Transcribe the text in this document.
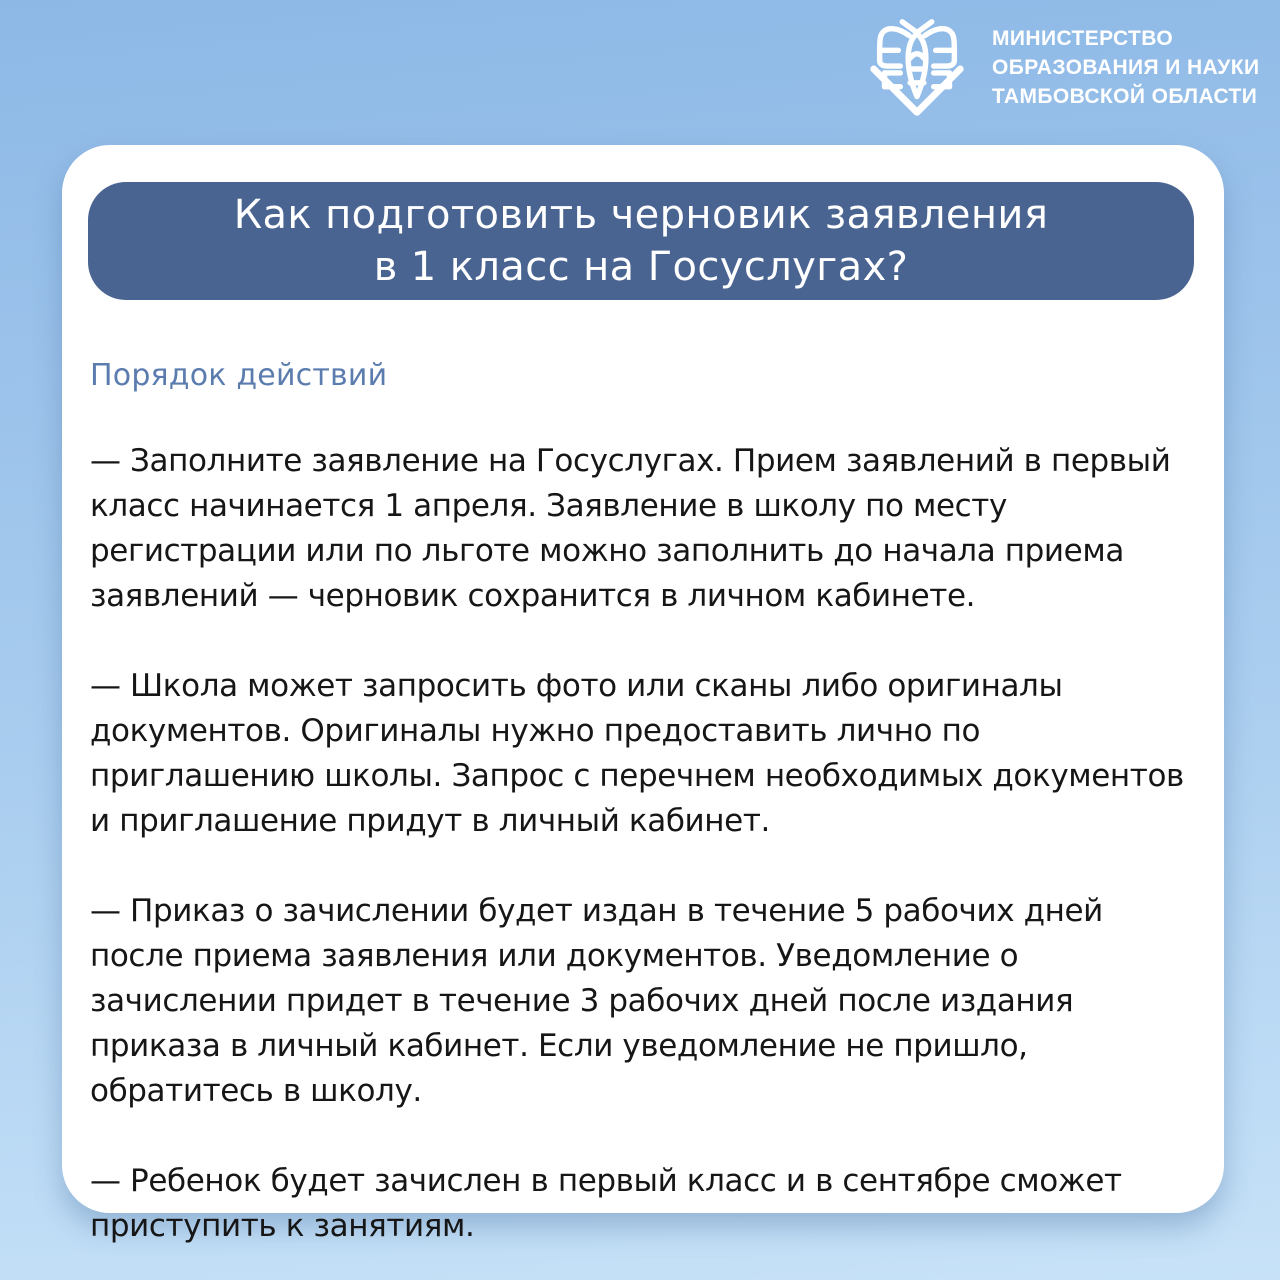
МИНИСТЕРСТВО
ОБРАЗОВАНИЯ И НАУКИ
ТАМБОВСКОЙ ОБЛАСТИ
Как подготовить черновик заявления
в 1 класс на Госуслугах?
Порядок действий

— Заполните заявление на Госуслугах. Прием заявлений в первый класс начинается 1 апреля. Заявление в школу по месту регистрации или по льготе можно заполнить до начала приема заявлений — черновик сохранится в личном кабинете.

— Школа может запросить фото или сканы либо оригиналы документов. Оригиналы нужно предоставить лично по приглашению школы. Запрос с перечнем необходимых документов и приглашение придут в личный кабинет.

— Приказ о зачислении будет издан в течение 5 рабочих дней после приема заявления или документов. Уведомление о зачислении придет в течение 3 рабочих дней после издания приказа в личный кабинет. Если уведомление не пришло, обратитесь в школу.

— Ребенок будет зачислен в первый класс и в сентябре сможет приступить к занятиям.
